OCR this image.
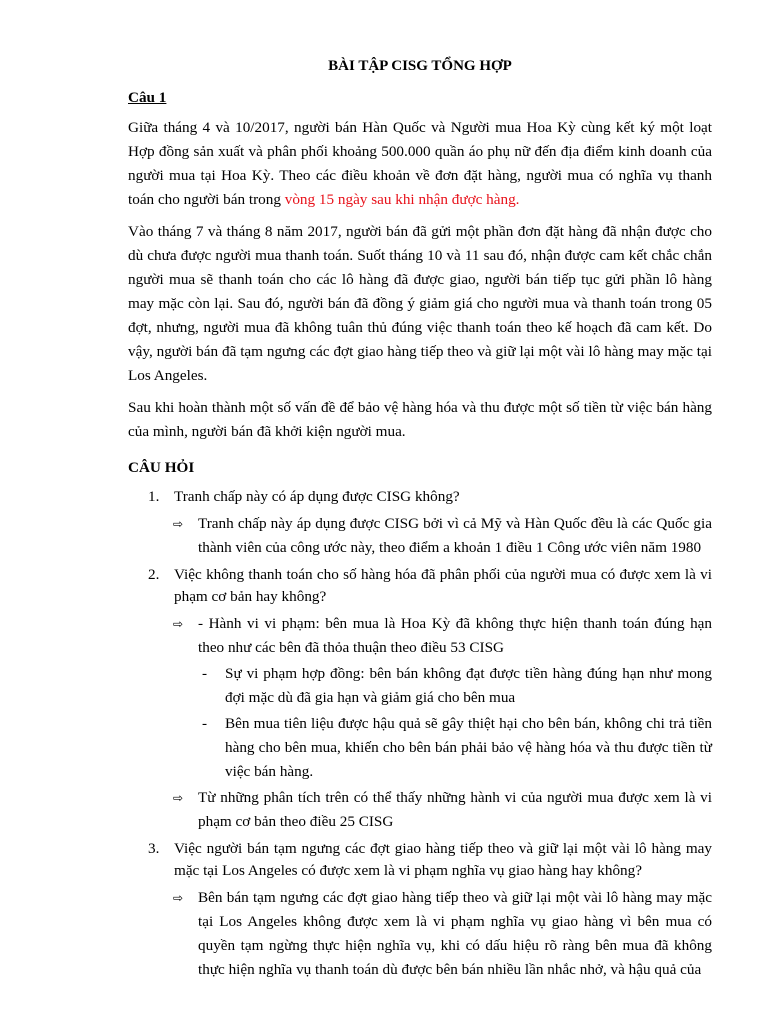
BÀI TẬP CISG TỔNG HỢP
Câu 1

Giữa tháng 4 và 10/2017, người bán Hàn Quốc và Người mua Hoa Kỳ cùng kết ký một loạt Hợp đồng sản xuất và phân phối khoảng 500.000 quần áo phụ nữ đến địa điểm kinh doanh của người mua tại Hoa Kỳ. Theo các điều khoản về đơn đặt hàng, người mua có nghĩa vụ thanh toán cho người bán trong vòng 15 ngày sau khi nhận được hàng.

Vào tháng 7 và tháng 8 năm 2017, người bán đã gửi một phần đơn đặt hàng đã nhận được cho dù chưa được người mua thanh toán. Suốt tháng 10 và 11 sau đó, nhận được cam kết chắc chắn người mua sẽ thanh toán cho các lô hàng đã được giao, người bán tiếp tục gửi phần lô hàng may mặc còn lại. Sau đó, người bán đã đồng ý giảm giá cho người mua và thanh toán trong 05 đợt, nhưng, người mua đã không tuân thủ đúng việc thanh toán theo kế hoạch đã cam kết. Do vậy, người bán đã tạm ngưng các đợt giao hàng tiếp theo và giữ lại một vài lô hàng may mặc tại Los Angeles.

Sau khi hoàn thành một số vấn đề để bảo vệ hàng hóa và thu được một số tiền từ việc bán hàng của mình, người bán đã khởi kiện người mua.

CÂU HỎI
1. Tranh chấp này có áp dụng được CISG không?
⇨ Tranh chấp này áp dụng được CISG bởi vì cả Mỹ và Hàn Quốc đều là các Quốc gia thành viên của công ước này, theo điểm a khoản 1 điều 1 Công ước viên năm 1980
2. Việc không thanh toán cho số hàng hóa đã phân phối của người mua có được xem là vi phạm cơ bản hay không?
⇨ - Hành vi vi phạm: bên mua là Hoa Kỳ đã không thực hiện thanh toán đúng hạn theo như các bên đã thỏa thuận theo điều 53 CISG
- Sự vi phạm hợp đồng: bên bán không đạt được tiền hàng đúng hạn như mong đợi mặc dù đã gia hạn và giảm giá cho bên mua
- Bên mua tiên liệu được hậu quả sẽ gây thiệt hại cho bên bán, không chi trả tiền hàng cho bên mua, khiến cho bên bán phải bảo vệ hàng hóa và thu được tiền từ việc bán hàng.
⇨ Từ những phân tích trên có thể thấy những hành vi của người mua được xem là vi phạm cơ bản theo điều 25 CISG
3. Việc người bán tạm ngưng các đợt giao hàng tiếp theo và giữ lại một vài lô hàng may mặc tại Los Angeles có được xem là vi phạm nghĩa vụ giao hàng hay không?
⇨ Bên bán tạm ngưng các đợt giao hàng tiếp theo và giữ lại một vài lô hàng may mặc tại Los Angeles không được xem là vi phạm nghĩa vụ giao hàng vì bên mua có quyền tạm ngừng thực hiện nghĩa vụ, khi có dấu hiệu rõ ràng bên mua đã không thực hiện nghĩa vụ thanh toán dù được bên bán nhiều lần nhắc nhở, và hậu quả của
